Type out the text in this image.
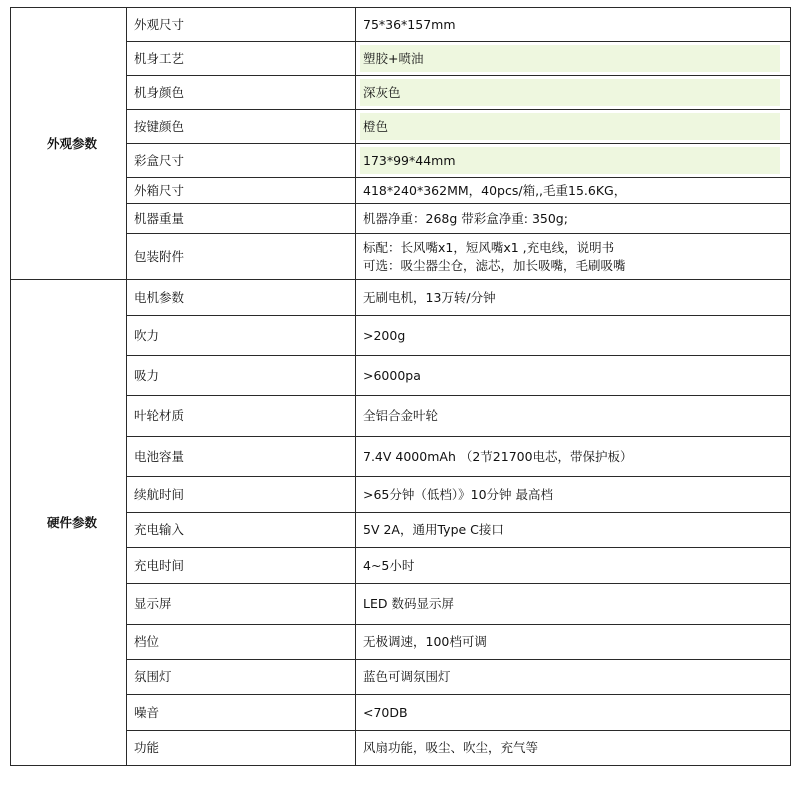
外观参数	外观尺寸	75*36*157mm
	机身工艺	塑胶+喷油
	机身颜色	深灰色
	按键颜色	橙色
	彩盒尺寸	173*99*44mm
	外箱尺寸	418*240*362MM，40pcs/箱,,毛重15.6KG，
	机器重量	机器净重：268g 带彩盒净重: 350g;
	包装附件	标配：长风嘴x1，短风嘴x1 ,充电线，说明书
可选：吸尘器尘仓，滤芯，加长吸嘴，毛刷吸嘴

硬件参数	电机参数	无刷电机，13万转/分钟
	吹力	>200g
	吸力	>6000pa
	叶轮材质	全铝合金叶轮
	电池容量	7.4V 4000mAh （2节21700电芯，带保护板）
	续航时间	>65分钟（低档）》10分钟 最高档
	充电输入	5V 2A，通用Type C接口
	充电时间	4~5小时
	显示屏	LED 数码显示屏
	档位	无极调速，100档可调
	氛围灯	蓝色可调氛围灯
	噪音	<70DB
	功能	风扇功能，吸尘、吹尘，充气等
